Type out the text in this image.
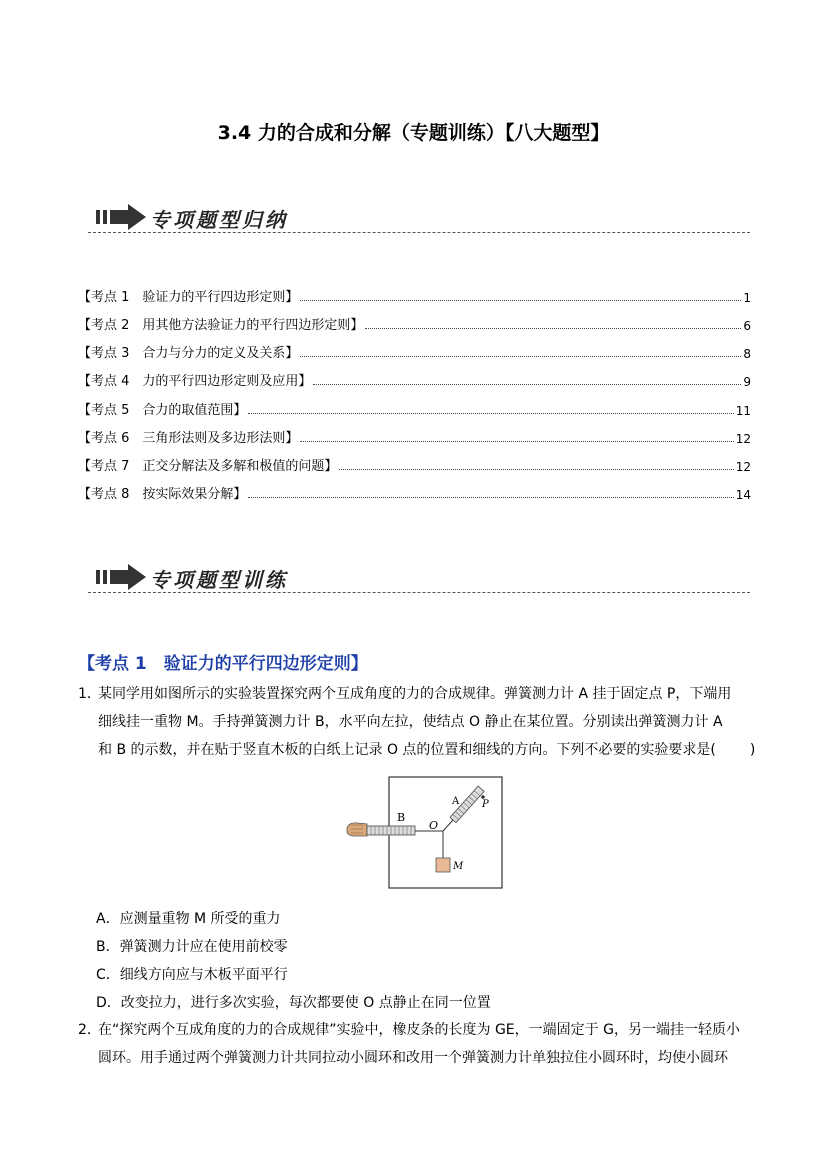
3.4 力的合成和分解（专题训练）【八大题型】
专项题型归纳
【考点 1　验证力的平行四边形定则】	1
【考点 2　用其他方法验证力的平行四边形定则】	6
【考点 3　合力与分力的定义及关系】	8
【考点 4　力的平行四边形定则及应用】	9
【考点 5　合力的取值范围】	11
【考点 6　三角形法则及多边形法则】	12
【考点 7　正交分解法及多解和极值的问题】	12
【考点 8　按实际效果分解】	14
专项题型训练
【考点 1　验证力的平行四边形定则】
1．
某同学用如图所示的实验装置探究两个互成角度的力的合成规律。弹簧测力计 A 挂于固定点 P，下端用
细线挂一重物 M。手持弹簧测力计 B，水平向左拉，使结点 O 静止在某位置。分别读出弹簧测力计 A
和 B 的示数，并在贴于竖直木板的白纸上记录 O 点的位置和细线的方向。下列不必要的实验要求是( )
B
O
A P
M
A．应测量重物 M 所受的重力
B．弹簧测力计应在使用前校零
C．细线方向应与木板平面平行
D．改变拉力，进行多次实验，每次都要使 O 点静止在同一位置
2．
在“探究两个互成角度的力的合成规律”实验中，橡皮条的长度为 GE，一端固定于 G，另一端挂一轻质小
圆环。用手通过两个弹簧测力计共同拉动小圆环和改用一个弹簧测力计单独拉住小圆环时，均使小圆环
